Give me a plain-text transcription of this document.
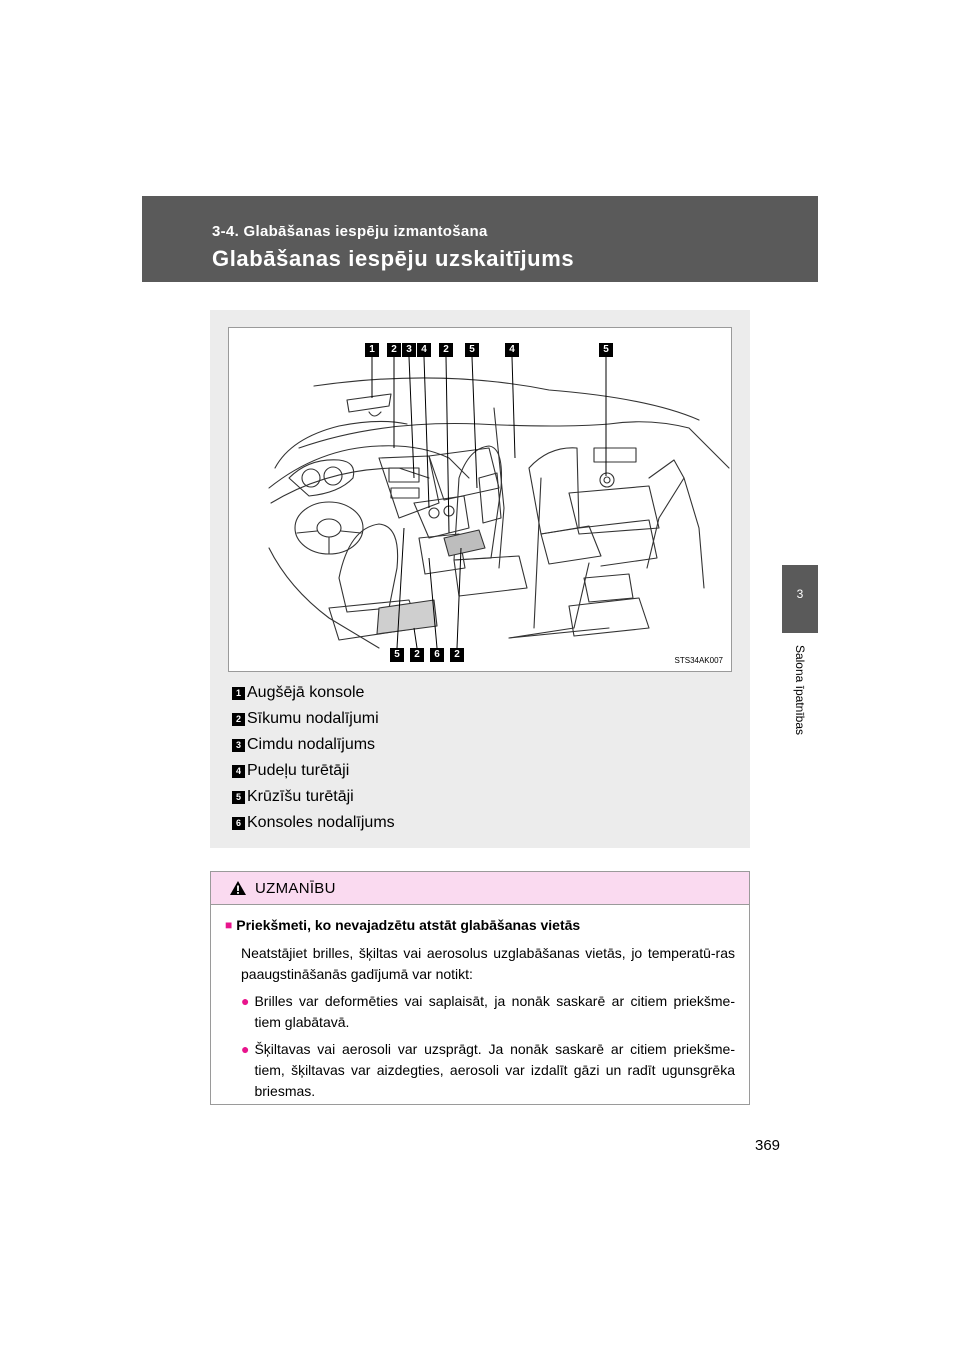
3-4. Glabāšanas iespēju izmantošana
Glabāšanas iespēju uzskaitījums
3
Salona īpatnības
1	2 3 4	2	5	4	5
5	2	6	2
STS34AK007
1 Augšējā konsole
2 Sīkumu nodalījumi
3 Cimdu nodalījums
4 Pudeļu turētāji
5 Krūzīšu turētāji
6 Konsoles nodalījums
UZMANĪBU
■ Priekšmeti, ko nevajadzētu atstāt glabāšanas vietās
Neatstājiet brilles, šķiltas vai aerosolus uzglabāšanas vietās, jo temperatū-ras paaugstināšanās gadījumā var notikt:
● Brilles var deformēties vai saplaisāt, ja nonāk saskarē ar citiem priekšme-tiem glabātavā.
● Šķiltavas vai aerosoli var uzsprāgt. Ja nonāk saskarē ar citiem priekšme-tiem, šķiltavas var aizdegties, aerosoli var izdalīt gāzi un radīt ugunsgrēka briesmas.
369
